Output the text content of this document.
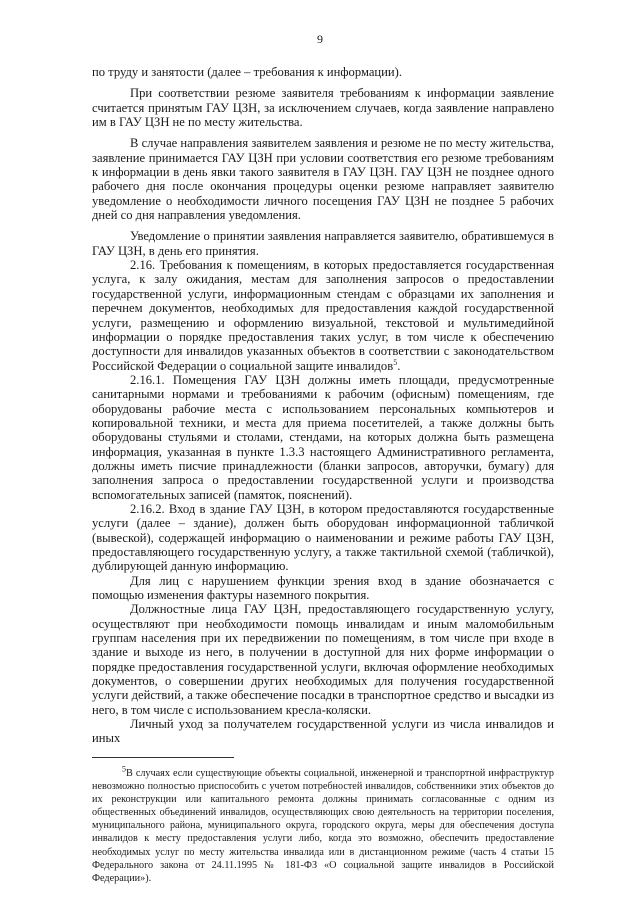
9

по труду и занятости (далее – требования к информации).

При соответствии резюме заявителя требованиям к информации заявление считается принятым ГАУ ЦЗН, за исключением случаев, когда заявление направлено им в ГАУ ЦЗН не по месту жительства.

В случае направления заявителем заявления и резюме не по месту жительства, заявление принимается ГАУ ЦЗН при условии соответствия его резюме требованиям к информации в день явки такого заявителя в ГАУ ЦЗН. ГАУ ЦЗН не позднее одного рабочего дня после окончания процедуры оценки резюме направляет заявителю уведомление о необходимости личного посещения ГАУ ЦЗН не позднее 5 рабочих дней со дня направления уведомления.

Уведомление о принятии заявления направляется заявителю, обратившемуся в ГАУ ЦЗН, в день его принятия.

2.16. Требования к помещениям, в которых предоставляется государственная услуга, к залу ожидания, местам для заполнения запросов о предоставлении государственной услуги, информационным стендам с образцами их заполнения и перечнем документов, необходимых для предоставления каждой государственной услуги, размещению и оформлению визуальной, текстовой и мультимедийной информации о порядке предоставления таких услуг, в том числе к обеспечению доступности для инвалидов указанных объектов в соответствии с законодательством Российской Федерации о социальной защите инвалидов$^5$.

2.16.1. Помещения ГАУ ЦЗН должны иметь площади, предусмотренные санитарными нормами и требованиями к рабочим (офисным) помещениям, где оборудованы рабочие места с использованием персональных компьютеров и копировальной техники, и места для приема посетителей, а также должны быть оборудованы стульями и столами, стендами, на которых должна быть размещена информация, указанная в пункте 1.3.3 настоящего Административного регламента, должны иметь писчие принадлежности (бланки запросов, авторучки, бумагу) для заполнения запроса о предоставлении государственной услуги и производства вспомогательных записей (памяток, пояснений).

2.16.2. Вход в здание ГАУ ЦЗН, в котором предоставляются государственные услуги (далее – здание), должен быть оборудован информационной табличкой (вывеской), содержащей информацию о наименовании и режиме работы ГАУ ЦЗН, предоставляющего государственную услугу, а также тактильной схемой (табличкой), дублирующей данную информацию.

Для лиц с нарушением функции зрения вход в здание обозначается с помощью изменения фактуры наземного покрытия.

Должностные лица ГАУ ЦЗН, предоставляющего государственную услугу, осуществляют при необходимости помощь инвалидам и иным маломобильным группам населения при их передвижении по помещениям, в том числе при входе в здание и выходе из него, в получении в доступной для них форме информации о порядке предоставления государственной услуги, включая оформление необходимых документов, о совершении других необходимых для получения государственной услуги действий, а также обеспечение посадки в транспортное средство и высадки из него, в том числе с использованием кресла-коляски.

Личный уход за получателем государственной услуги из числа инвалидов и иных

$^5$В случаях если существующие объекты социальной, инженерной и транспортной инфраструктур невозможно полностью приспособить с учетом потребностей инвалидов, собственники этих объектов до их реконструкции или капитального ремонта должны принимать согласованные с одним из общественных объединений инвалидов, осуществляющих свою деятельность на территории поселения, муниципального района, муниципального округа, городского округа, меры для обеспечения доступа инвалидов к месту предоставления услуги либо, когда это возможно, обеспечить предоставление необходимых услуг по месту жительства инвалида или в дистанционном режиме (часть 4 статьи 15 Федерального закона от 24.11.1995 № 181-ФЗ «О социальной защите инвалидов в Российской Федерации»).
